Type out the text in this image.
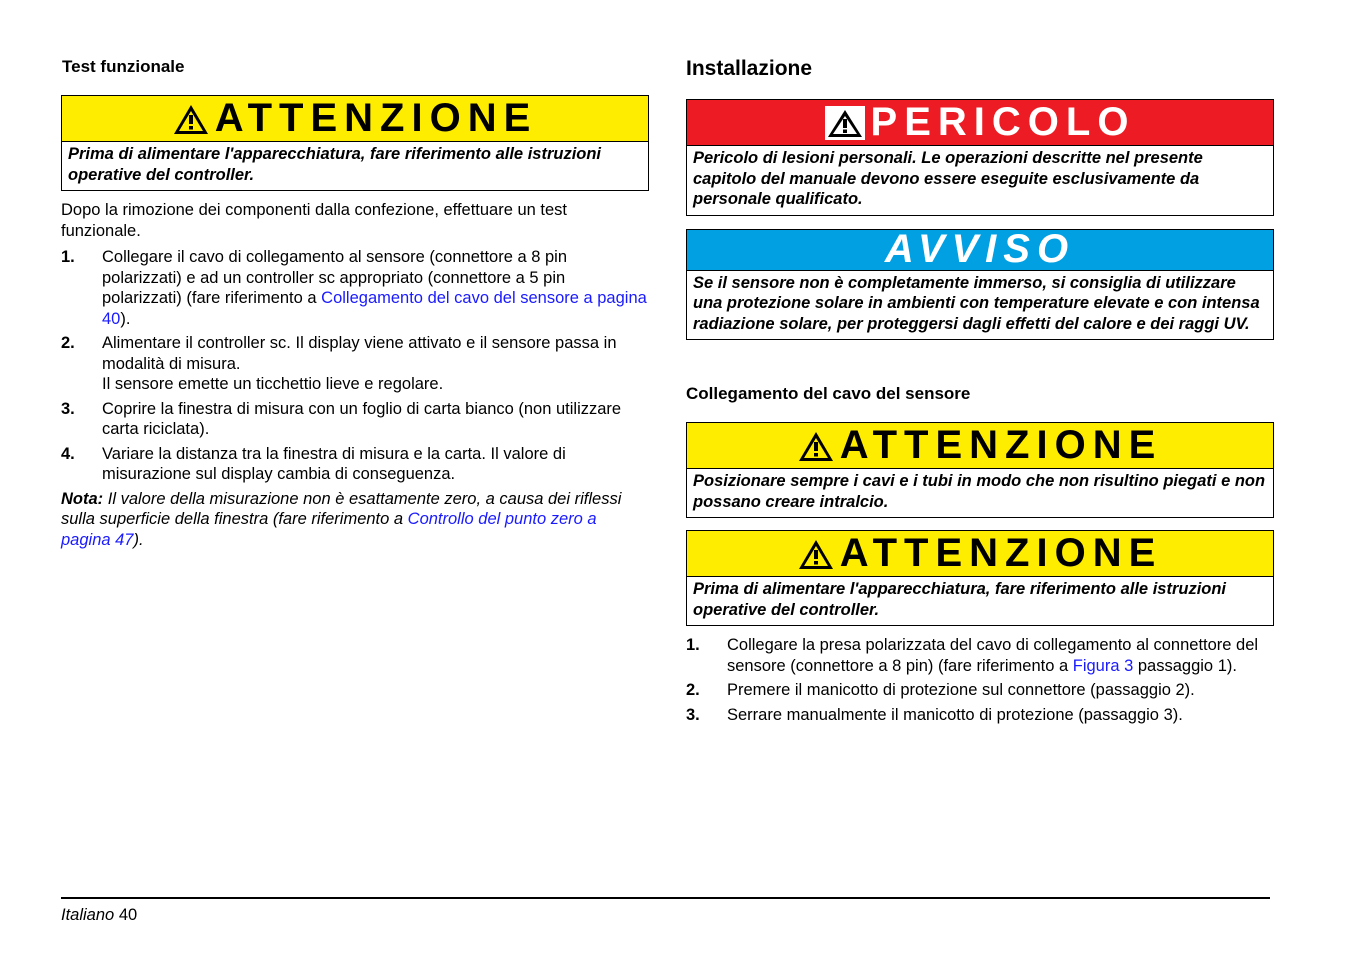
Test funzionale
ATTENZIONE
Prima di alimentare l'apparecchiatura, fare riferimento alle istruzioni operative del controller.

Dopo la rimozione dei componenti dalla confezione, effettuare un test funzionale.

1. Collegare il cavo di collegamento al sensore (connettore a 8 pin polarizzati) e ad un controller sc appropriato (connettore a 5 pin polarizzati) (fare riferimento a Collegamento del cavo del sensore a pagina 40).
2. Alimentare il controller sc. Il display viene attivato e il sensore passa in modalità di misura.
Il sensore emette un ticchettio lieve e regolare.
3. Coprire la finestra di misura con un foglio di carta bianco (non utilizzare carta riciclata).
4. Variare la distanza tra la finestra di misura e la carta. Il valore di misurazione sul display cambia di conseguenza.

Nota: Il valore della misurazione non è esattamente zero, a causa dei riflessi sulla superficie della finestra (fare riferimento a Controllo del punto zero a pagina 47).

Installazione
PERICOLO
Pericolo di lesioni personali. Le operazioni descritte nel presente capitolo del manuale devono essere eseguite esclusivamente da personale qualificato.
AVVISO
Se il sensore non è completamente immerso, si consiglia di utilizzare una protezione solare in ambienti con temperature elevate e con intensa radiazione solare, per proteggersi dagli effetti del calore e dei raggi UV.
Collegamento del cavo del sensore
ATTENZIONE
Posizionare sempre i cavi e i tubi in modo che non risultino piegati e non possano creare intralcio.
ATTENZIONE
Prima di alimentare l'apparecchiatura, fare riferimento alle istruzioni operative del controller.
1. Collegare la presa polarizzata del cavo di collegamento al connettore del sensore (connettore a 8 pin) (fare riferimento a Figura 3 passaggio 1).
2. Premere il manicotto di protezione sul connettore (passaggio 2).
3. Serrare manualmente il manicotto di protezione (passaggio 3).
Italiano 40
